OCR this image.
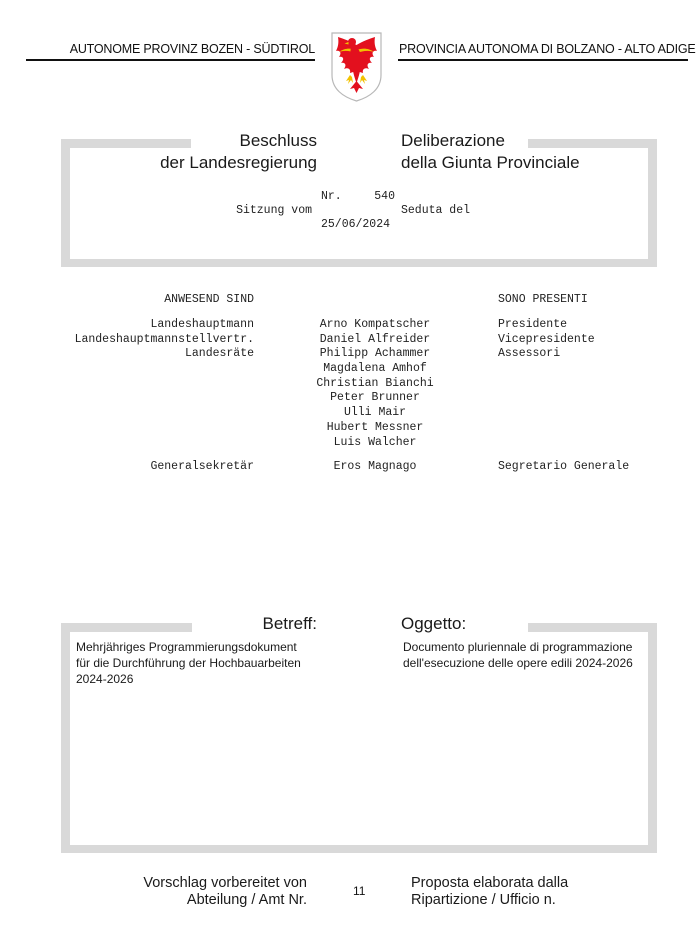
AUTONOME PROVINZ BOZEN - SÜDTIROL	PROVINCIA AUTONOMA DI BOLZANO - ALTO ADIGE
Beschluss
der Landesregierung
Deliberazione
della Giunta Provinciale
Nr.	540
Sitzung vom	Seduta del
25/06/2024
ANWESEND SIND	SONO PRESENTI
Landeshauptmann	Arno Kompatscher	Presidente
Landeshauptmannstellvertr.	Daniel Alfreider	Vicepresidente
Landesräte	Philipp Achammer	Assessori
Magdalena Amhof
Christian Bianchi
Peter Brunner
Ulli Mair
Hubert Messner
Luis Walcher
Generalsekretär	Eros Magnago	Segretario Generale
Betreff:	Oggetto:
Mehrjähriges Programmierungsdokument
für die Durchführung der Hochbauarbeiten
2024-2026
Documento pluriennale di programmazione
dell'esecuzione delle opere edili 2024-2026
Vorschlag vorbereitet von
Abteilung / Amt Nr.
11	Proposta elaborata dalla
Ripartizione / Ufficio n.
